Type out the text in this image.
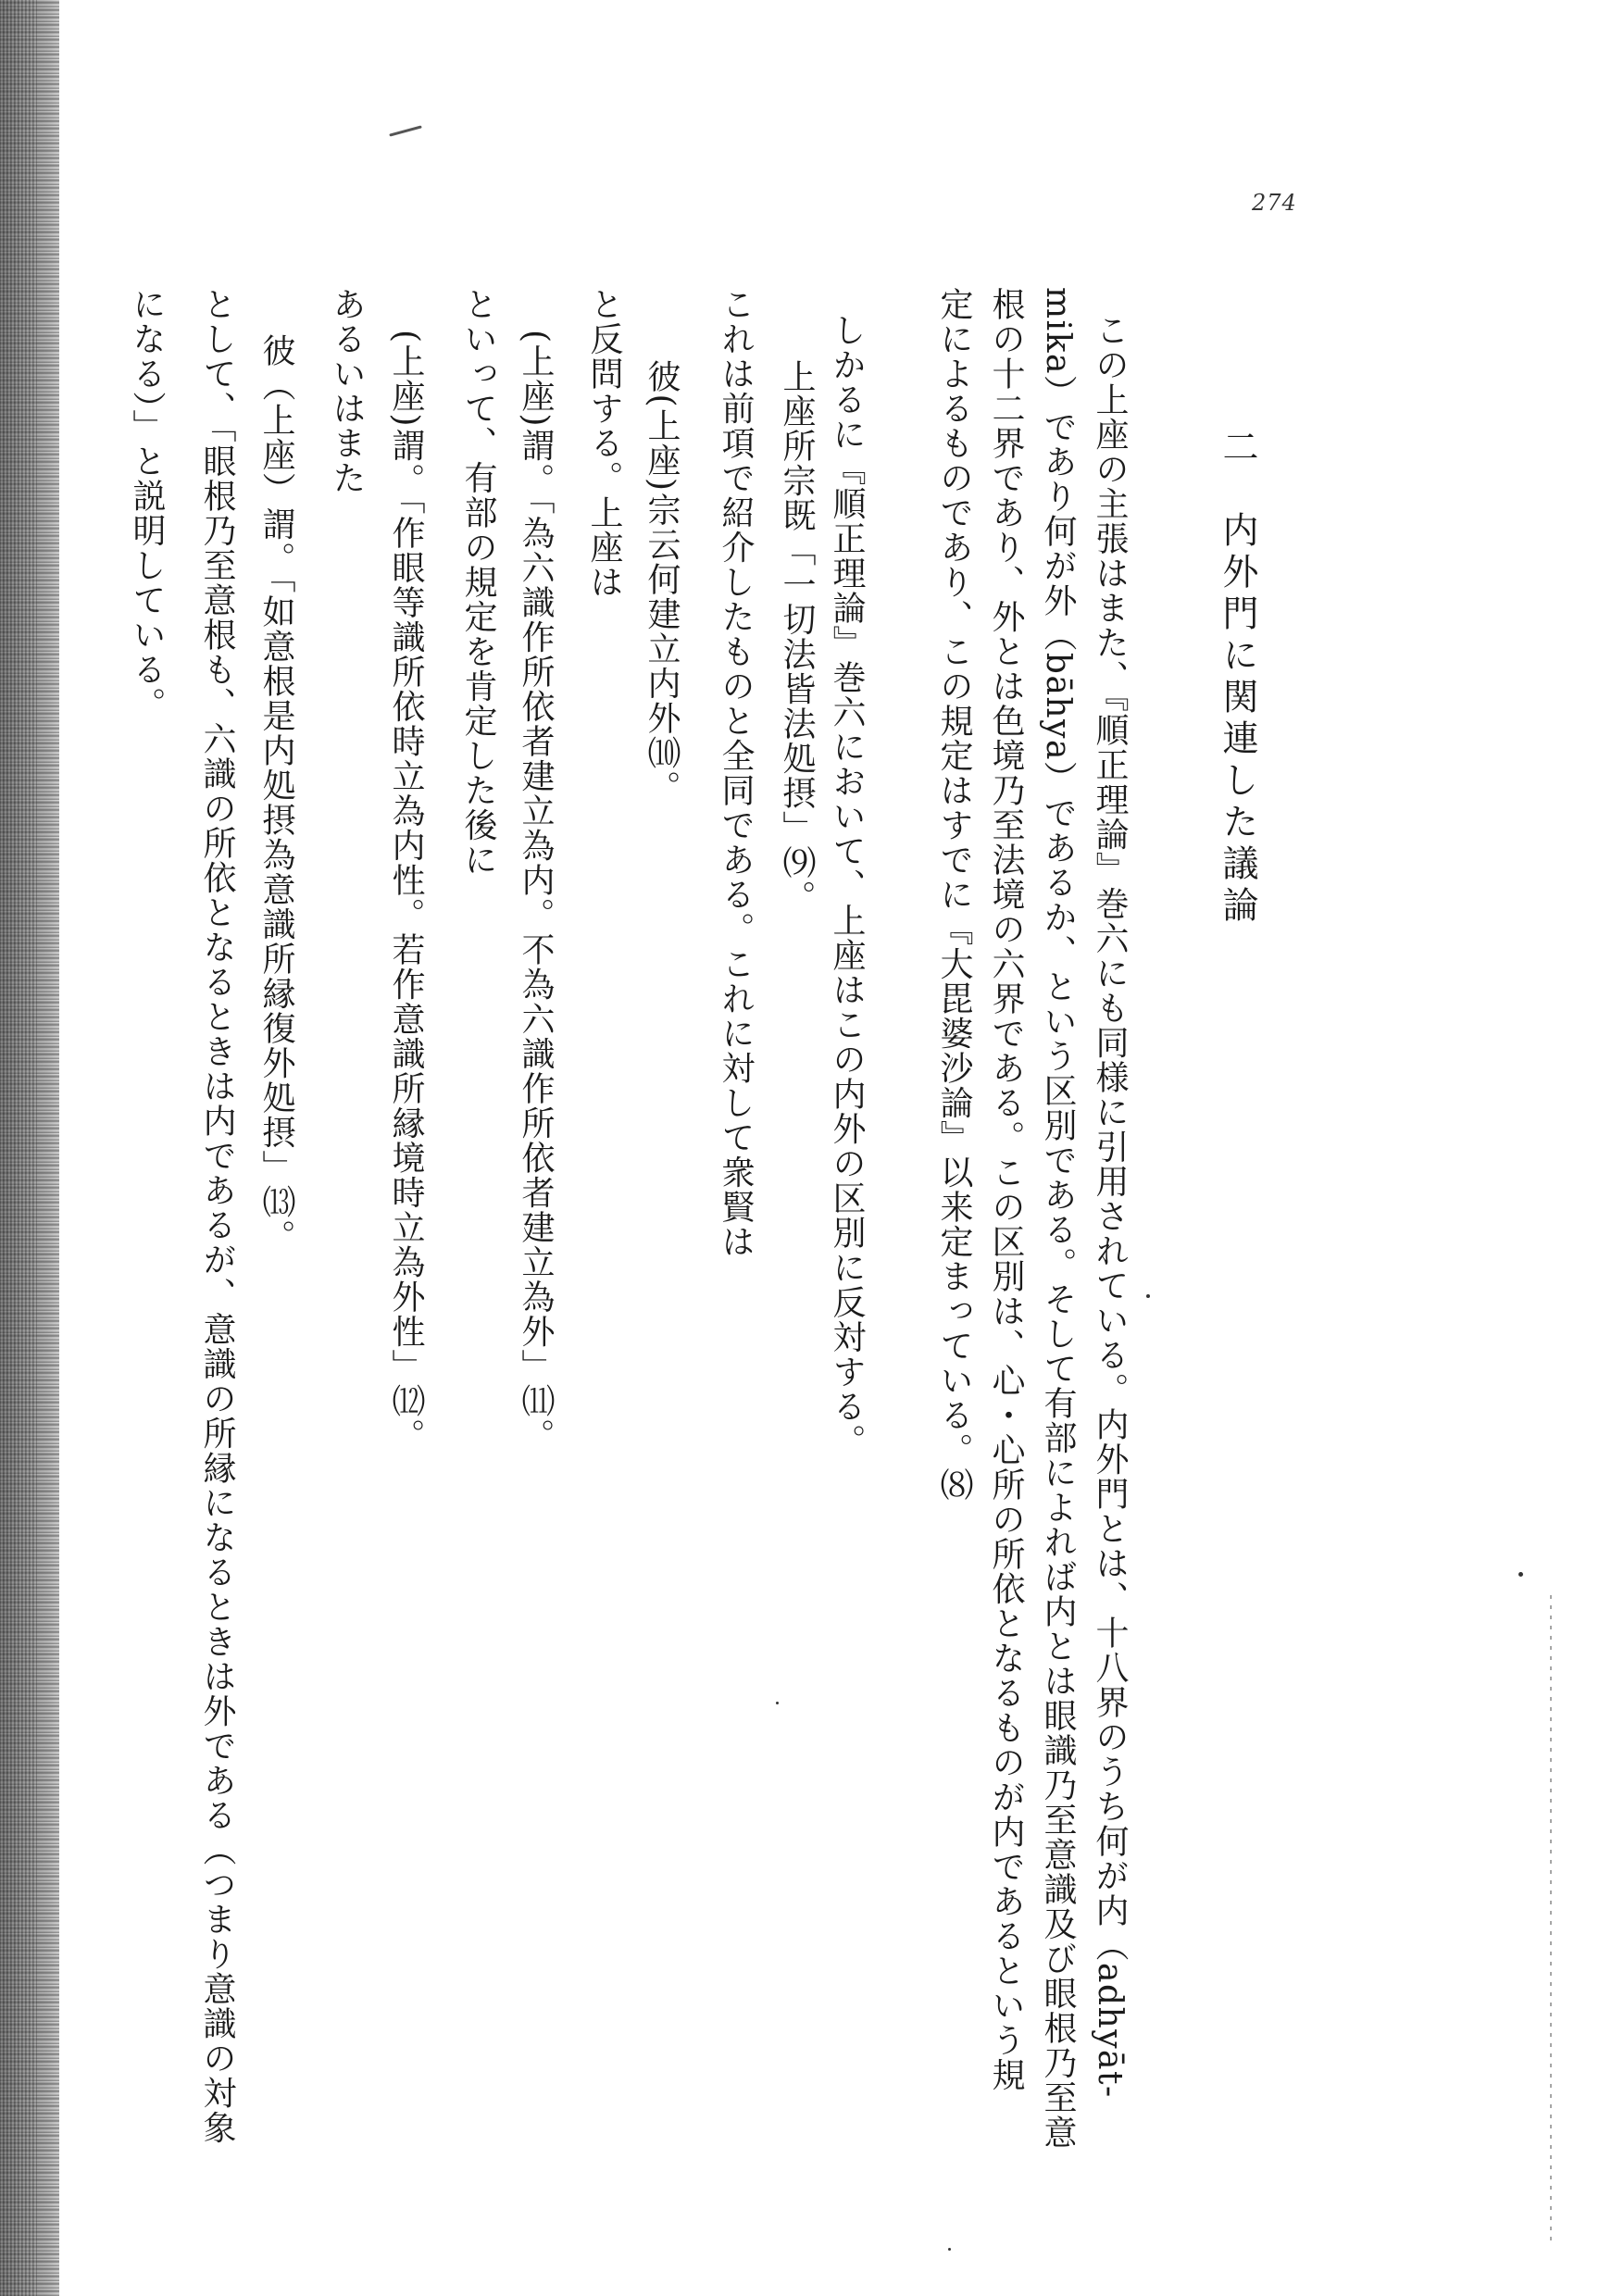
274
二　内外門に関連した議論
この上座の主張はまた、『順正理論』巻六にも同様に引用されている。内外門とは、十八界のうち何が内（adhyāt-
mika）であり何が外（bāhya）であるか、という区別である。そして有部によれば内とは眼識乃至意識及び眼根乃至意
根の十二界であり、外とは色境乃至法境の六界である。この区別は、心・心所の所依となるものが内であるという規
定によるものであり、この規定はすでに『大毘婆沙論』以来定まっている。⑻
しかるに『順正理論』巻六において、上座はこの内外の区別に反対する。
上座所宗既「一切法皆法処摂」⑼。
これは前項で紹介したものと全同である。これに対して衆賢は
彼(上座)宗云何建立内外⑽。
と反問する。上座は
(上座)謂。「為六識作所依者建立為内。不為六識作所依者建立為外」⑾。
といって、有部の規定を肯定した後に
(上座)謂。「作眼等識所依時立為内性。若作意識所縁境時立為外性」⑿。
あるいはまた
彼（上座）謂。「如意根是内処摂為意識所縁復外処摂」⒀。
として、「眼根乃至意根も、六識の所依となるときは内であるが、意識の所縁になるときは外である（つまり意識の対象
になる）」と説明している。
